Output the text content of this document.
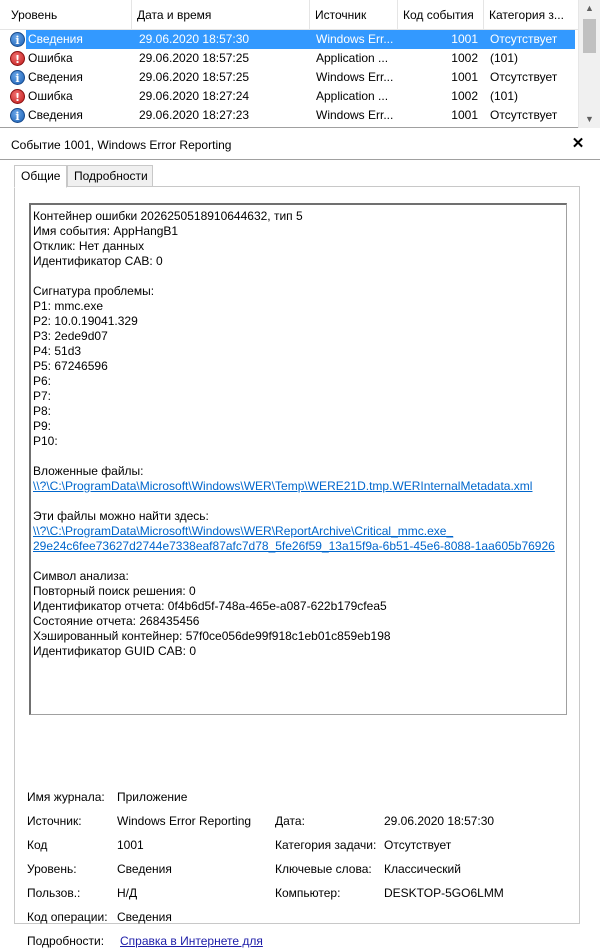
Уровень	Дата и время	Источник	Код события	Категория з...
i Сведения	29.06.2020 18:57:30	Windows Err...	1001 Отсутствует
! Ошибка	29.06.2020 18:57:25	Application ...	1002 (101)
i Сведения	29.06.2020 18:57:25	Windows Err...	1001 Отсутствует
! Ошибка	29.06.2020 18:27:24	Application ...	1002 (101)
i Сведения	29.06.2020 18:27:23	Windows Err...	1001 Отсутствует
▲
▼
Событие 1001, Windows Error Reporting	✕
Общие	Подробности
Контейнер ошибки 2026250518910644632, тип 5
Имя события: AppHangB1
Отклик: Нет данных
Идентификатор CAB: 0
Сигнатура проблемы:
P1: mmc.exe
P2: 10.0.19041.329
P3: 2ede9d07
P4: 51d3
P5: 67246596
P6:
P7:
P8:
P9:
P10:
Вложенные файлы:
\\?\C:\ProgramData\Microsoft\Windows\WER\Temp\WERE21D.tmp.WERInternalMetadata.xml
Эти файлы можно найти здесь:
\\?\C:\ProgramData\Microsoft\Windows\WER\ReportArchive\Critical_mmc.exe_
29e24c6fee73627d2744e7338eaf87afc7d78_5fe26f59_13a15f9a-6b51-45e6-8088-1aa605b76926
Символ анализа:
Повторный поиск решения: 0
Идентификатор отчета: 0f4b6d5f-748a-465e-a087-622b179cfea5
Состояние отчета: 268435456
Хэшированный контейнер: 57f0ce056de99f918c1eb01c859eb198
Идентификатор GUID CAB: 0
Имя журнала: Приложение
Источник:	Windows Error Reporting Дата:	29.06.2020 18:57:30
Код	1001	Категория задачи: Отсутствует
Уровень:	Сведения	Ключевые слова: Классический
Пользов.:	Н/Д	Компьютер:	DESKTOP-5GO6LMM
Код операции: Сведения
Подробности: Справка в Интернете для
